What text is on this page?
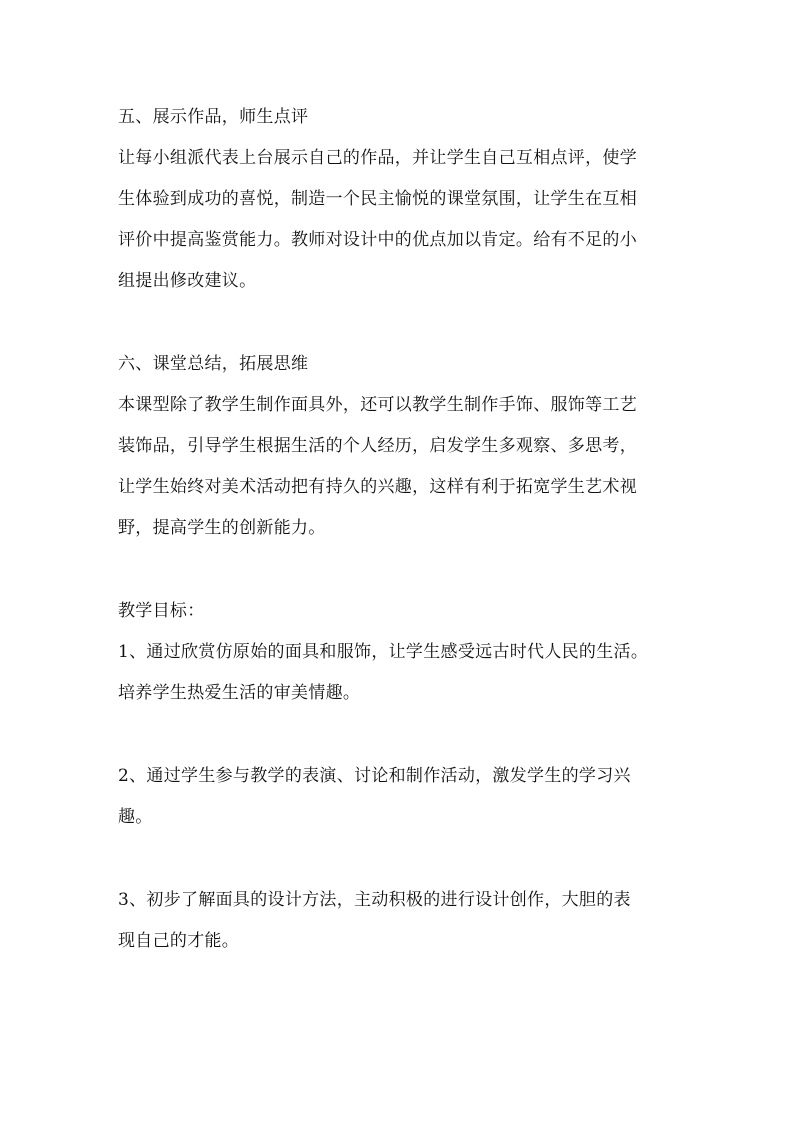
五、展示作品，师生点评
让每小组派代表上台展示自己的作品，并让学生自己互相点评，使学
生体验到成功的喜悦，制造一个民主愉悦的课堂氛围，让学生在互相
评价中提高鉴赏能力。教师对设计中的优点加以肯定。给有不足的小
组提出修改建议。
六、课堂总结，拓展思维
本课型除了教学生制作面具外，还可以教学生制作手饰、服饰等工艺
装饰品，引导学生根据生活的个人经历，启发学生多观察、多思考，
让学生始终对美术活动把有持久的兴趣，这样有利于拓宽学生艺术视
野，提高学生的创新能力。
教学目标：
1、通过欣赏仿原始的面具和服饰，让学生感受远古时代人民的生活。
培养学生热爱生活的审美情趣。
2、通过学生参与教学的表演、讨论和制作活动，激发学生的学习兴
趣。
3、初步了解面具的设计方法，主动积极的进行设计创作，大胆的表
现自己的才能。
